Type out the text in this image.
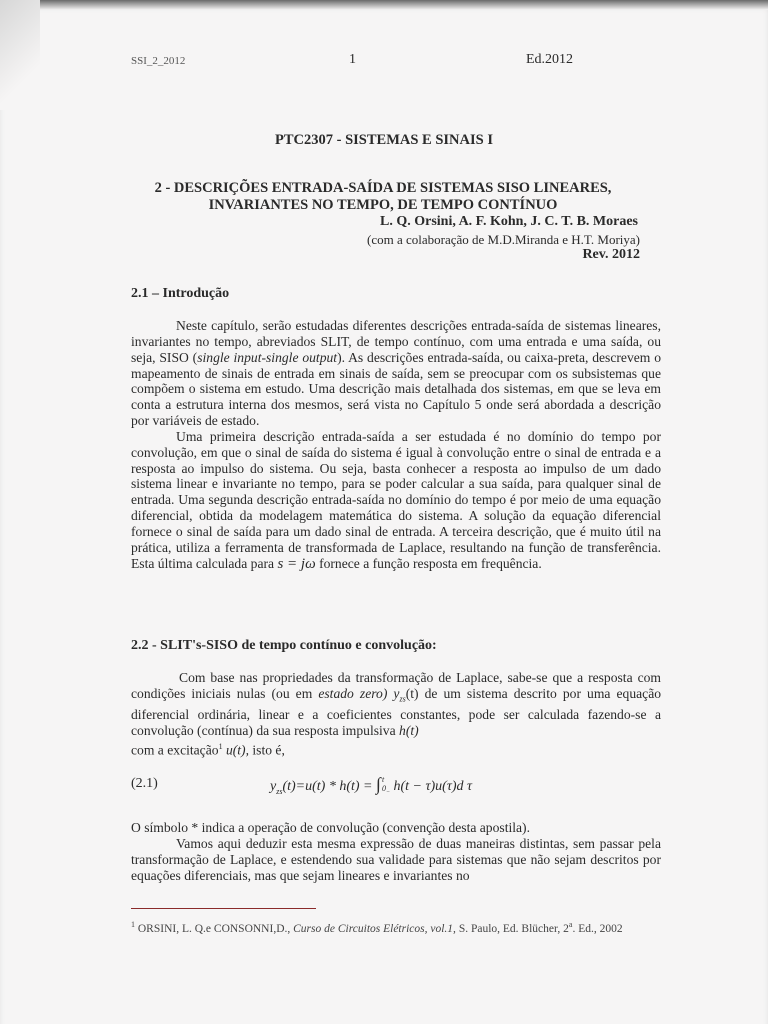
SSI_2_2012	1	Ed.2012
PTC2307 - SISTEMAS E SINAIS I
2 - DESCRIÇÕES ENTRADA-SAÍDA DE SISTEMAS SISO LINEARES,
INVARIANTES NO TEMPO, DE TEMPO CONTÍNUO
L. Q. Orsini, A. F. Kohn, J. C. T. B. Moraes
(com a colaboração de M.D.Miranda e H.T. Moriya)
Rev. 2012
2.1 – Introdução

Neste capítulo, serão estudadas diferentes descrições entrada-saída de sistemas lineares, invariantes no tempo, abreviados SLIT, de tempo contínuo, com uma entrada e uma saída, ou seja, SISO (single input-single output). As descrições entrada-saída, ou caixa-preta, descrevem o mapeamento de sinais de entrada em sinais de saída, sem se preocupar com os subsistemas que compõem o sistema em estudo. Uma descrição mais detalhada dos sistemas, em que se leva em conta a estrutura interna dos mesmos, será vista no Capítulo 5 onde será abordada a descrição por variáveis de estado.

Uma primeira descrição entrada-saída a ser estudada é no domínio do tempo por convolução, em que o sinal de saída do sistema é igual à convolução entre o sinal de entrada e a resposta ao impulso do sistema. Ou seja, basta conhecer a resposta ao impulso de um dado sistema linear e invariante no tempo, para se poder calcular a sua saída, para qualquer sinal de entrada. Uma segunda descrição entrada-saída no domínio do tempo é por meio de uma equação diferencial, obtida da modelagem matemática do sistema. A solução da equação diferencial fornece o sinal de saída para um dado sinal de entrada. A terceira descrição, que é muito útil na prática, utiliza a ferramenta de transformada de Laplace, resultando na função de transferência. Esta última calculada para s = jω fornece a função resposta em frequência.

2.2 - SLIT's-SISO de tempo contínuo e convolução:
Com base nas propriedades da transformação de Laplace, sabe-se que a resposta com condições iniciais nulas (ou em estado zero) $y_{zs}(t)$ de um sistema descrito por uma equação diferencial ordinária, linear e a coeficientes constantes, pode ser calculada fazendo-se a convolução (contínua) da sua resposta impulsiva h(t)
com a excitação$^1$ u(t), isto é,
(2.1)	$y_{zs}(t)=u(t) * h(t)$ = ∫ t
$0_-$ h(t − τ)u(τ)d τ

O símbolo * indica a operação de convolução (convenção desta apostila).

Vamos aqui deduzir esta mesma expressão de duas maneiras distintas, sem passar pela transformação de Laplace, e estendendo sua validade para sistemas que não sejam descritos por equações diferenciais, mas que sejam lineares e invariantes no

$^1$ ORSINI, L. Q.e CONSONNI,D., Curso de Circuitos Elétricos, vol.1, S. Paulo, Ed. Blücher, 2$^a$. Ed., 2002
